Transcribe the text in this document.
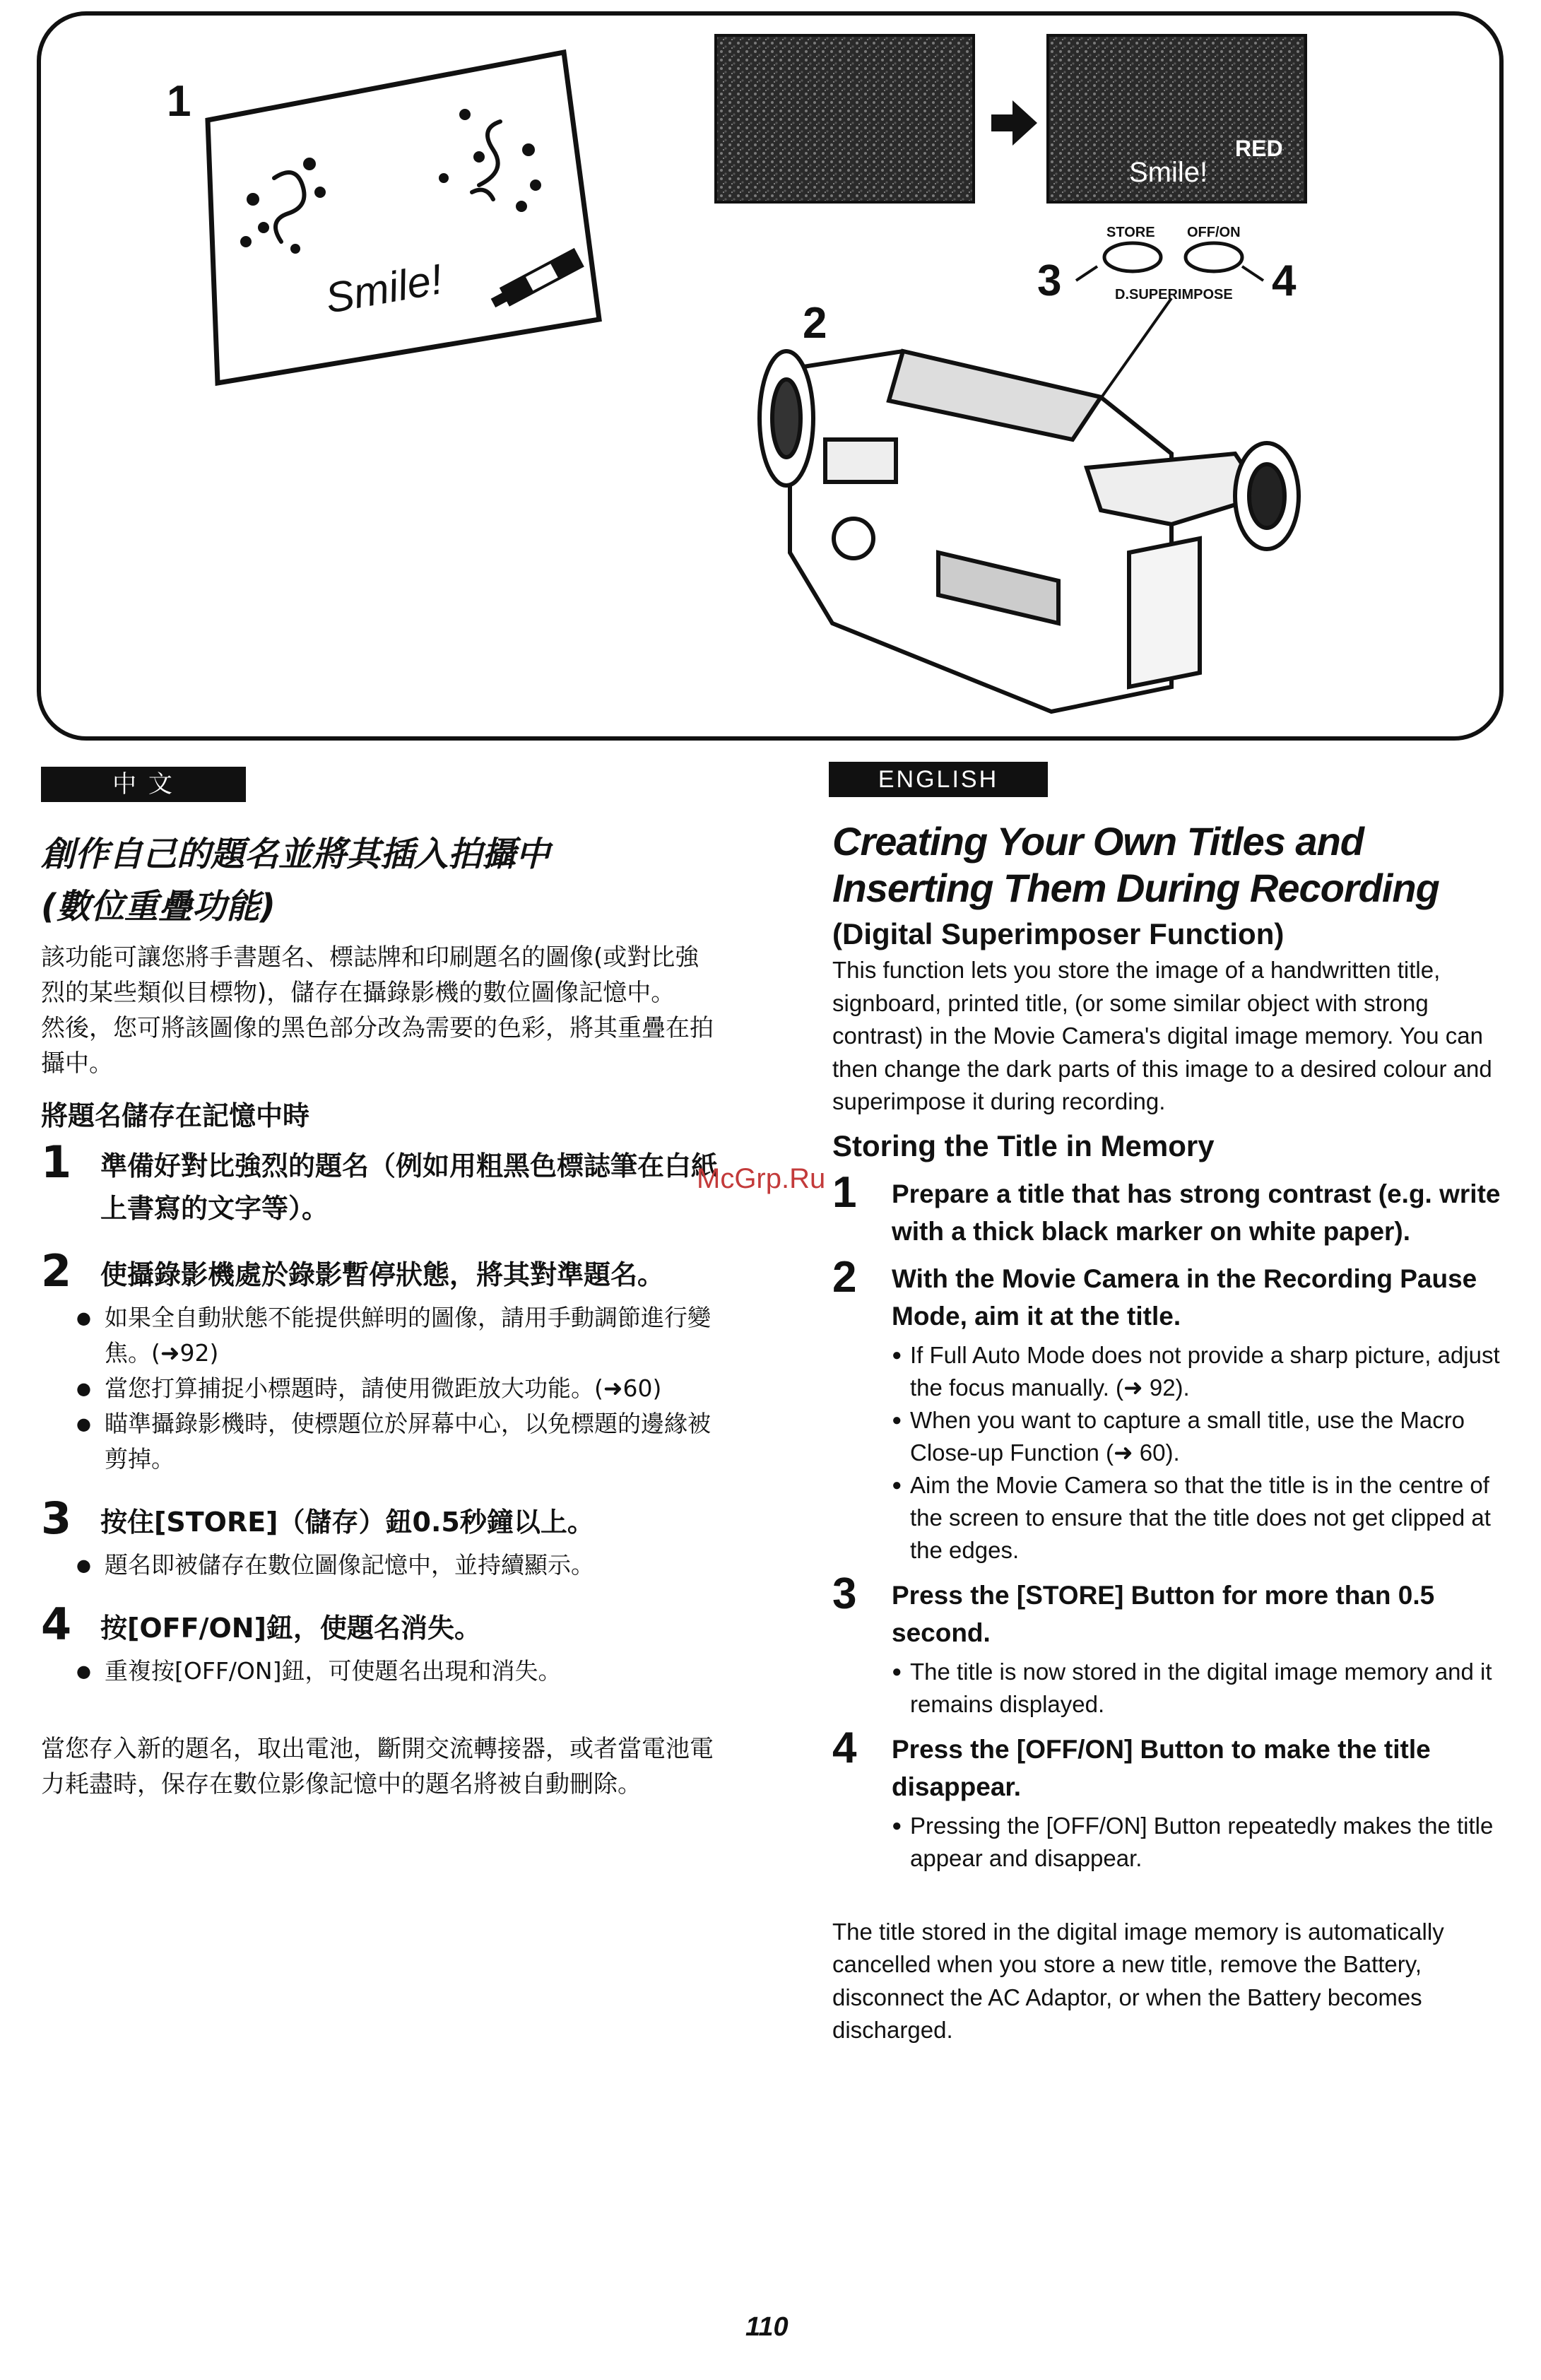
1
2
3	4
Smile!
Smile!
RED
STORE OFF/ON
D.SUPERIMPOSE
中 文

創作自己的題名並將其插入拍攝中

(數位重疊功能)

該功能可讓您將手書題名、標誌牌和印刷題名的圖像(或對比強烈的某些類似目標物)，儲存在攝錄影機的數位圖像記憶中。

然後，您可將該圖像的黑色部分改為需要的色彩，將其重疊在拍攝中。

將題名儲存在記憶中時

1 準備好對比強烈的題名（例如用粗黑色標誌筆在白紙上書寫的文字等）。

2 使攝錄影機處於錄影暫停狀態，將其對準題名。

● 如果全自動狀態不能提供鮮明的圖像，請用手動調節進行變焦。(➜92)
● 當您打算捕捉小標題時，請使用微距放大功能。(➜60)
● 瞄準攝錄影機時，使標題位於屏幕中心，以免標題的邊緣被剪掉。
3 按住[STORE]（儲存）鈕0.5秒鐘以上。

● 題名即被儲存在數位圖像記憶中，並持續顯示。
4 按[OFF/ON]鈕，使題名消失。

● 重複按[OFF/ON]鈕，可使題名出現和消失。

當您存入新的題名，取出電池，斷開交流轉接器，或者當電池電力耗盡時，保存在數位影像記憶中的題名將被自動刪除。

ENGLISH

Creating Your Own Titles and

Inserting Them During Recording

(Digital Superimposer Function)

This function lets you store the image of a handwritten title, signboard, printed title, (or some similar object with strong contrast) in the Movie Camera's digital image memory. You can then change the dark parts of this image to a desired colour and superimpose it during recording.

Storing the Title in Memory

1 Prepare a title that has strong contrast (e.g. write with a thick black marker on white paper).

2 With the Movie Camera in the Recording Pause Mode, aim it at the title.

● If Full Auto Mode does not provide a sharp picture, adjust the focus manually. (➜ 92).
● When you want to capture a small title, use the Macro Close-up Function (➜ 60).
● Aim the Movie Camera so that the title is in the centre of the screen to ensure that the title does not get clipped at the edges.
3 Press the [STORE] Button for more than 0.5 second.

● The title is now stored in the digital image memory and it remains displayed.
4 Press the [OFF/ON] Button to make the title disappear.

● Pressing the [OFF/ON] Button repeatedly makes the title appear and disappear.

The title stored in the digital image memory is automatically cancelled when you store a new title, remove the Battery, disconnect the AC Adaptor, or when the Battery becomes discharged.

McGrp.Ru
110
